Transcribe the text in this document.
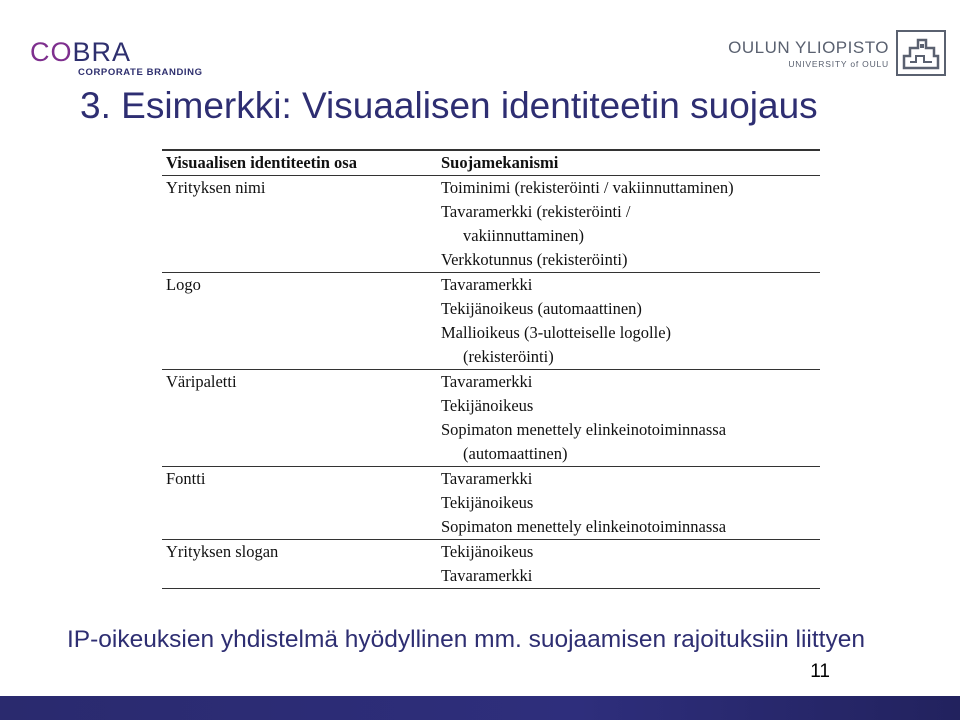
COBRA
CORPORATE BRANDING
OULUN YLIOPISTO
UNIVERSITY of OULU
3. Esimerkki: Visuaalisen identiteetin suojaus
Visuaalisen identiteetin osa	Suojamekanismi
Yrityksen nimi	Toiminimi (rekisteröinti / vakiinnuttaminen)
Tavaramerkki (rekisteröinti /
vakiinnuttaminen)
Verkkotunnus (rekisteröinti)

Logo	Tavaramerkki
Tekijänoikeus (automaattinen)
Mallioikeus (3-ulotteiselle logolle)
(rekisteröinti)

Väripaletti	Tavaramerkki
Tekijänoikeus
Sopimaton menettely elinkeinotoiminnassa
(automaattinen)

Fontti	Tavaramerkki
Tekijänoikeus
Sopimaton menettely elinkeinotoiminnassa

Yrityksen slogan	Tekijänoikeus
Tavaramerkki

IP-oikeuksien yhdistelmä hyödyllinen mm. suojaamisen rajoituksiin liittyen

11
